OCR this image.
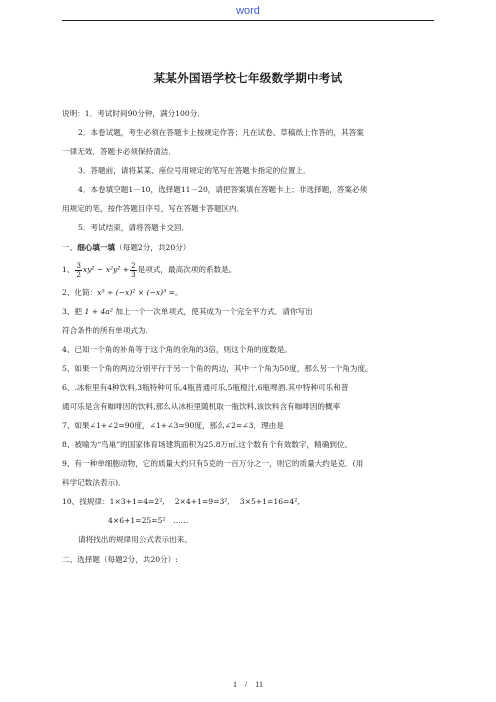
word
某某外国语学校七年级数学期中考试

说明：1．考试时间90分钟，满分100分．

2．本卷试题，考生必须在答题卡上按规定作答；凡在试卷、草稿纸上作答的，其答案

一律无效．答题卡必须保持清洁．

3．答题前，请将某某、座位号用规定的笔写在答题卡指定的位置上．

4．本卷填空题1－10，选择题11－20，请把答案填在答题卡上；非选择题，答案必须

用规定的笔，按作答题目序号，写在答题卡答题区内．

5．考试结束，请将答题卡交回．

一、细心填一填（每题2分，共20分）

1、 $\frac{3}{2} xy^2 - x^2y^2 + \frac{2}{3}$ 是项式，最高次项的系数是。

2、化简：x⁵ ÷ (−x)² × (−x)³ =。

3、把 1 + 4a² 加上一个一次单项式，使其成为一个完全平方式．请你写出

符合条件的所有单项式为.

4、已知一个角的补角等于这个角的余角的3倍，则这个角的度数是。

5、如果一个角的两边分别平行于另一个角的两边，其中一个角为50度，那么另一个角为度。

6、.冰柜里有4种饮料,3瓶特种可乐,4瓶普通可乐,5瓶橙汁,6瓶啤酒.其中特种可乐和普

通可乐是含有咖啡因的饮料,那么从冰柜里随机取一瓶饮料,该饮料含有咖啡因的概率

7、如果∠1+∠2=90度，∠1+∠3=90度，那么∠2=∠3．理由是

8、被喻为“鸟巢”的国家体育场建筑面积为25.8万㎡,这个数有个有效数字，精确到位。

9、有一种单细胞动物，它的质量大约只有5克的一百万分之一，则它的质量大约是克．(用

科学记数法表示)．

10、找规律：1×3+1=4=2²,　 2×4+1=9=3²,　 3×5+1=16=4²,

4×6+1=25=5²　……

请将找出的规律用公式表示出来。

二、选择题（每题2分，共20分）:

1　/　11
